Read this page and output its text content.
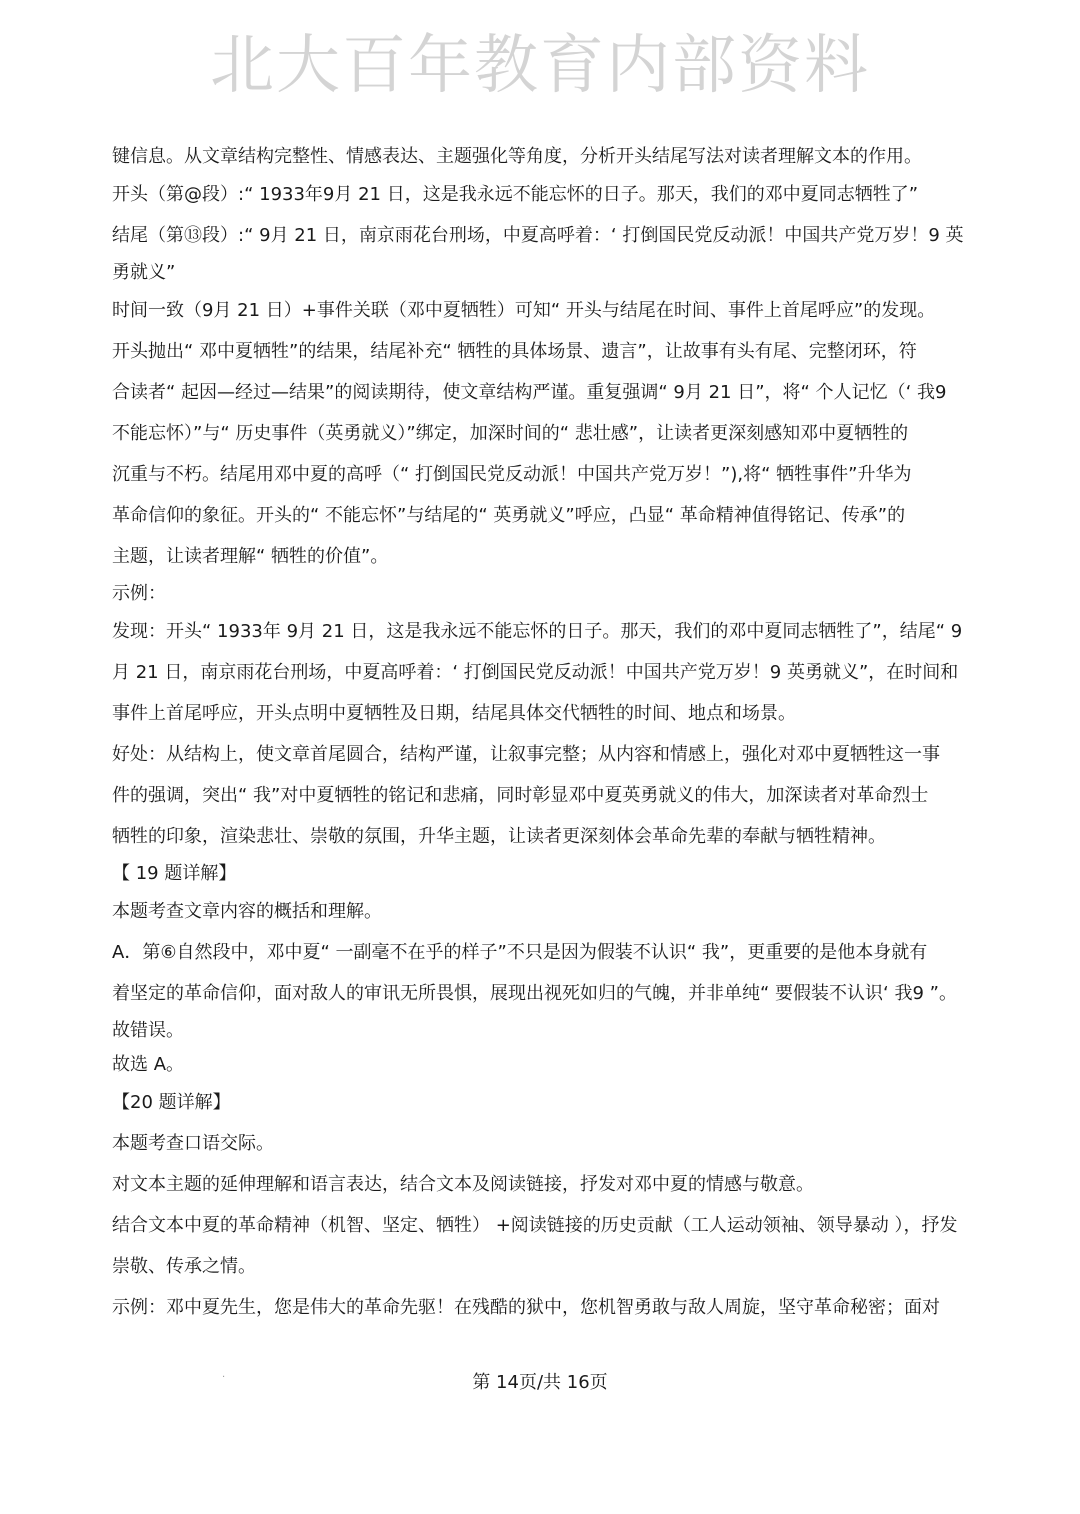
北大百年教育内部资料
键信息。从文章结构完整性、情感表达、主题强化等角度，分析开头结尾写法对读者理解文本的作用。
开头（第@段）:“ 1933年9月 21 日，这是我永远不能忘怀的日子。那天，我们的邓中夏同志牺牲了”
结尾（第⑬段）:“ 9月 21 日，南京雨花台刑场，中夏高呼着：‘ 打倒国民党反动派！中国共产党万岁！9 英
勇就义”
时间一致（9月 21 日）+事件关联（邓中夏牺牲）可知“ 开头与结尾在时间、事件上首尾呼应”的发现。
开头抛出“ 邓中夏牺牲”的结果，结尾补充“ 牺牲的具体场景、遗言”，让故事有头有尾、完整闭环，符
合读者“ 起因—经过—结果”的阅读期待，使文章结构严谨。重复强调“ 9月 21 日”，将“ 个人记忆（‘ 我9
不能忘怀）”与“ 历史事件（英勇就义）”绑定，加深时间的“ 悲壮感”，让读者更深刻感知邓中夏牺牲的
沉重与不朽。结尾用邓中夏的高呼（“ 打倒国民党反动派！中国共产党万岁！”),将“ 牺牲事件”升华为
革命信仰的象征。开头的“ 不能忘怀”与结尾的“ 英勇就义”呼应，凸显“ 革命精神值得铭记、传承”的
主题，让读者理解“ 牺牲的价值”。
示例：
发现：开头“ 1933年 9月 21 日，这是我永远不能忘怀的日子。那天，我们的邓中夏同志牺牲了”，结尾“ 9
月 21 日，南京雨花台刑场，中夏高呼着：‘ 打倒国民党反动派！中国共产党万岁！9 英勇就义”，在时间和
事件上首尾呼应，开头点明中夏牺牲及日期，结尾具体交代牺牲的时间、地点和场景。
好处：从结构上，使文章首尾圆合，结构严谨，让叙事完整；从内容和情感上，强化对邓中夏牺牲这一事
件的强调，突出“ 我”对中夏牺牲的铭记和悲痛，同时彰显邓中夏英勇就义的伟大，加深读者对革命烈士
牺牲的印象，渲染悲壮、崇敬的氛围，升华主题，让读者更深刻体会革命先辈的奉献与牺牲精神。
【 19 题详解】
本题考查文章内容的概括和理解。
A．第⑥自然段中，邓中夏“ 一副毫不在乎的样子”不只是因为假装不认识“ 我”，更重要的是他本身就有
着坚定的革命信仰，面对敌人的审讯无所畏惧，展现出视死如归的气魄，并非单纯“ 要假装不认识‘ 我9 ”。
故错误。
故选 A。
【20 题详解】
本题考查口语交际。
对文本主题的延伸理解和语言表达，结合文本及阅读链接，抒发对邓中夏的情感与敬意。
结合文本中夏的革命精神（机智、坚定、牺牲） +阅读链接的历史贡献（工人运动领袖、领导暴动 ），抒发
崇敬、传承之情。
示例：邓中夏先生，您是伟大的革命先驱！在残酷的狱中，您机智勇敢与敌人周旋，坚守革命秘密；面对
·	第 14页/共 16页
